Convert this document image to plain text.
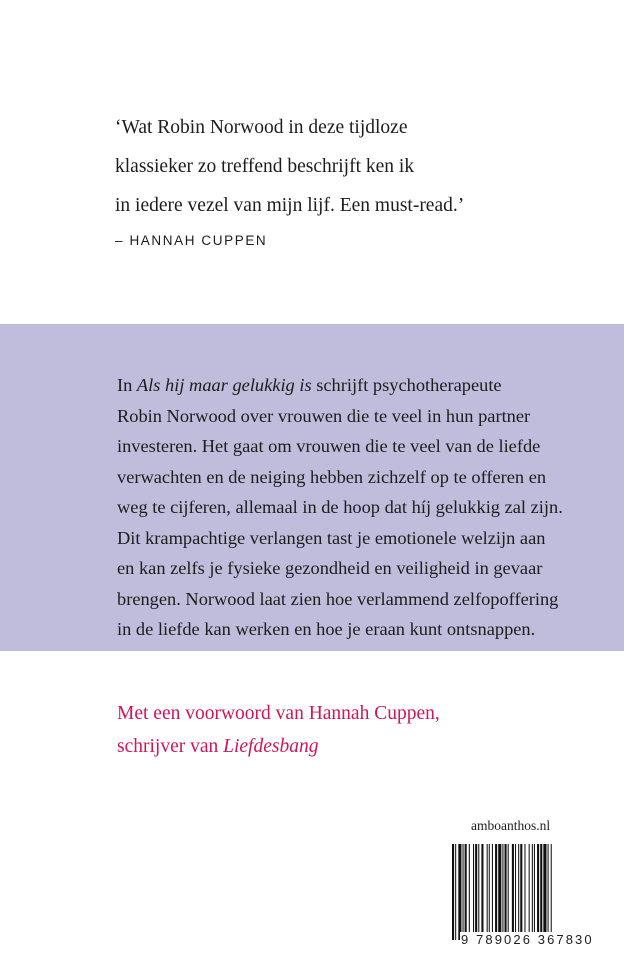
‘Wat Robin Norwood in deze tijdloze
klassieker zo treffend beschrijft ken ik
in iedere vezel van mijn lijf. Een must-read.’

– HANNAH CUPPEN

In Als hij maar gelukkig is schrijft psychotherapeute
Robin Norwood over vrouwen die te veel in hun partner
investeren. Het gaat om vrouwen die te veel van de liefde
verwachten en de neiging hebben zichzelf op te offeren en
weg te cijferen, allemaal in de hoop dat híj gelukkig zal zijn.
Dit krampachtige verlangen tast je emotionele welzijn aan
en kan zelfs je fysieke gezondheid en veiligheid in gevaar
brengen. Norwood laat zien hoe verlammend zelfopoffering
in de liefde kan werken en hoe je eraan kunt ontsnappen.

Met een voorwoord van Hannah Cuppen,
schrijver van Liefdesbang
amboanthos.nl
9 789026 367830
